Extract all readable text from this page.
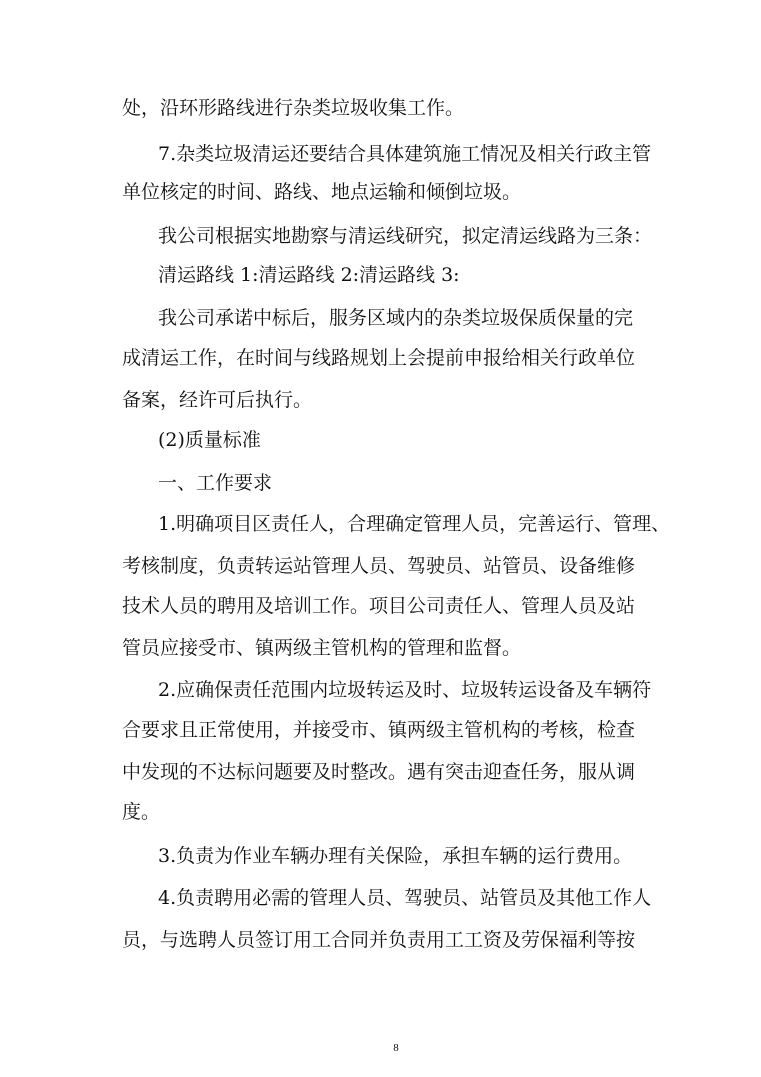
处，沿环形路线进行杂类垃圾收集工作。
7.杂类垃圾清运还要结合具体建筑施工情况及相关行政主管
单位核定的时间、路线、地点运输和倾倒垃圾。
我公司根据实地勘察与清运线研究，拟定清运线路为三条：
清运路线 1:清运路线 2:清运路线 3:
我公司承诺中标后，服务区域内的杂类垃圾保质保量的完
成清运工作，在时间与线路规划上会提前申报给相关行政单位
备案，经许可后执行。
(2)质量标准
一、工作要求
1.明确项目区责任人，合理确定管理人员，完善运行、管理、
考核制度，负责转运站管理人员、驾驶员、站管员、设备维修
技术人员的聘用及培训工作。项目公司责任人、管理人员及站
管员应接受市、镇两级主管机构的管理和监督。
2.应确保责任范围内垃圾转运及时、垃圾转运设备及车辆符
合要求且正常使用，并接受市、镇两级主管机构的考核，检查
中发现的不达标问题要及时整改。遇有突击迎查任务，服从调
度。
3.负责为作业车辆办理有关保险，承担车辆的运行费用。
4.负责聘用必需的管理人员、驾驶员、站管员及其他工作人
员，与选聘人员签订用工合同并负责用工工资及劳保福利等按
8
